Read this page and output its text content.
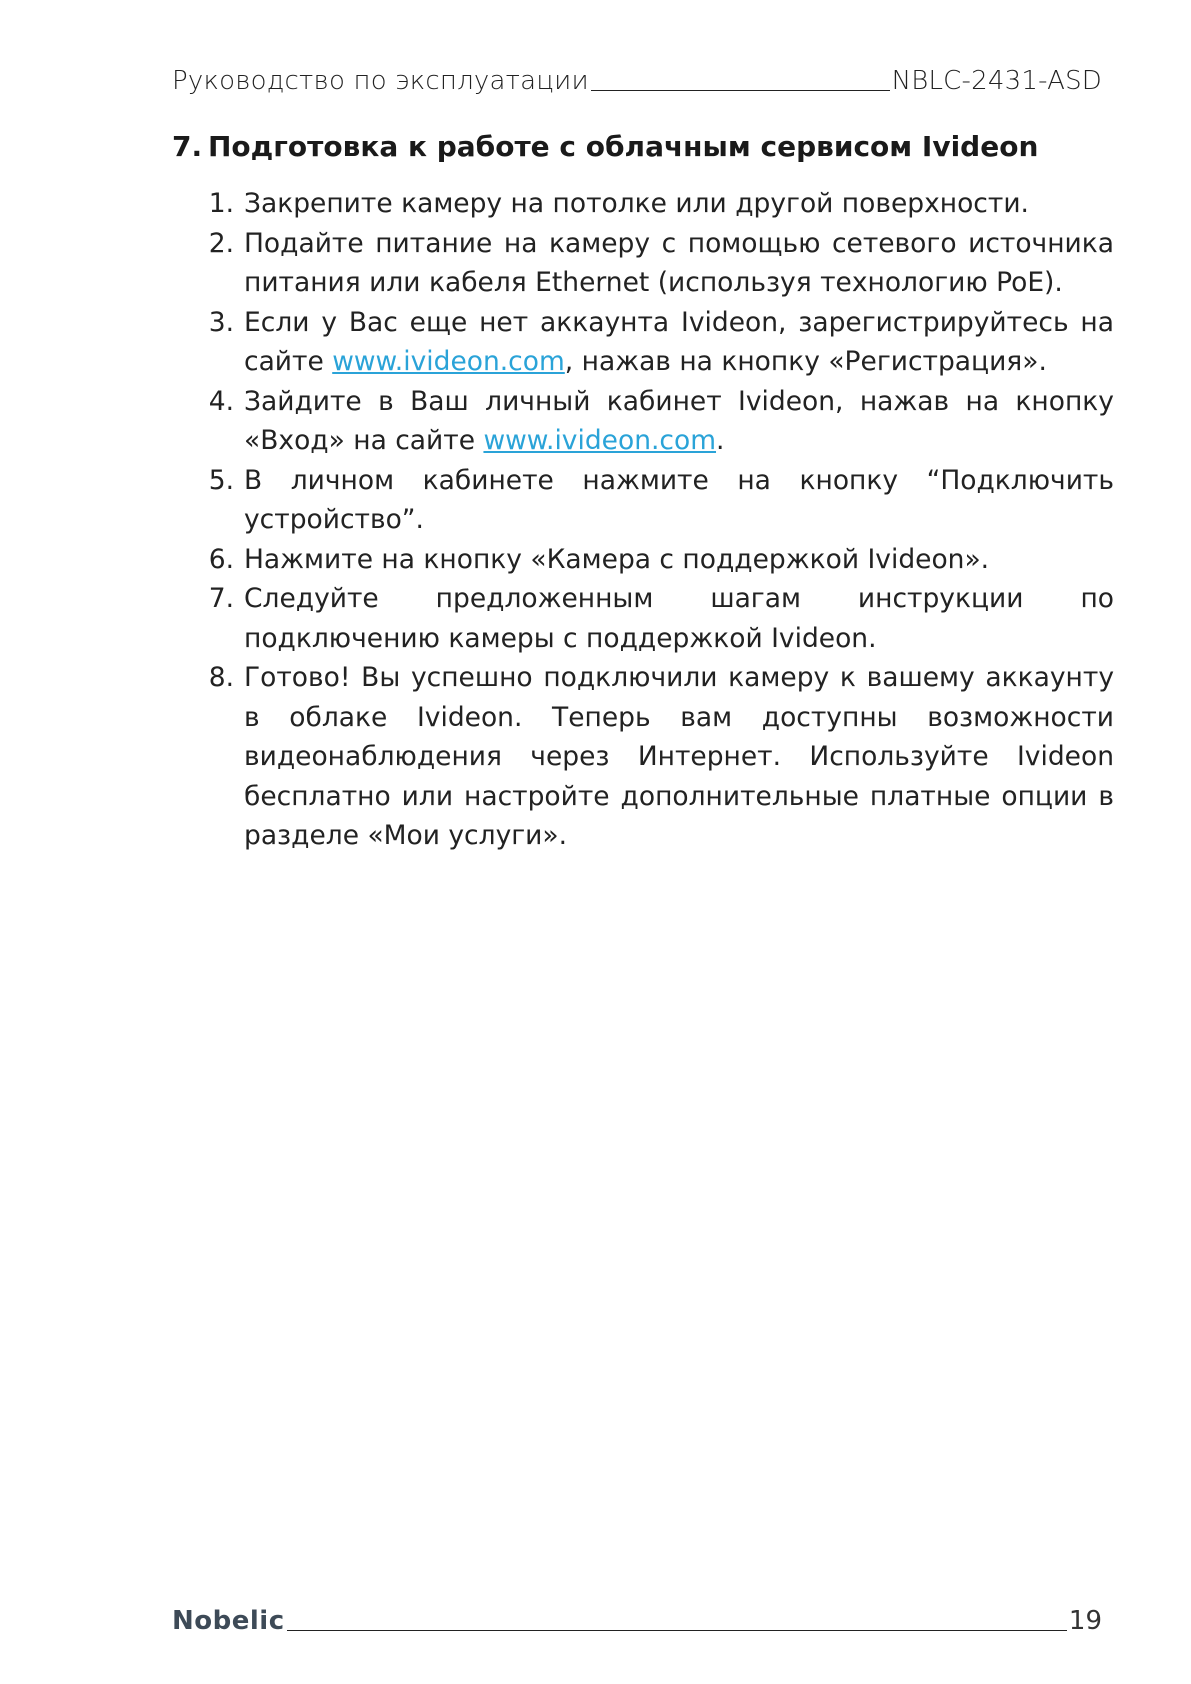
Руководство по эксплуатации	NBLC-2431-ASD
7. Подготовка к работе с облачным сервисом Ivideon
1. Закрепите камеру на потолке или другой поверхности.
2. Подайте питание на камеру с помощью сетевого источника питания или кабеля Ethernet (используя технологию PoE).
3. Если у Вас еще нет аккаунта Ivideon, зарегистрируйтесь на сайте www.ivideon.com, нажав на кнопку «Регистрация».
4. Зайдите в Ваш личный кабинет Ivideon, нажав на кнопку «Вход» на сайте www.ivideon.com.
5. В личном кабинете нажмите на кнопку “Подключить устройство”.
6. Нажмите на кнопку «Камера с поддержкой Ivideon».
7. Следуйте предложенным шагам инструкции по подключению камеры с поддержкой Ivideon.
8. Готово! Вы успешно подключили камеру к вашему аккаунту в облаке Ivideon. Теперь вам доступны возможности видеонаблюдения через Интернет. Используйте Ivideon бесплатно или настройте дополнительные платные опции в разделе «Мои услуги».
Nobelic	19
